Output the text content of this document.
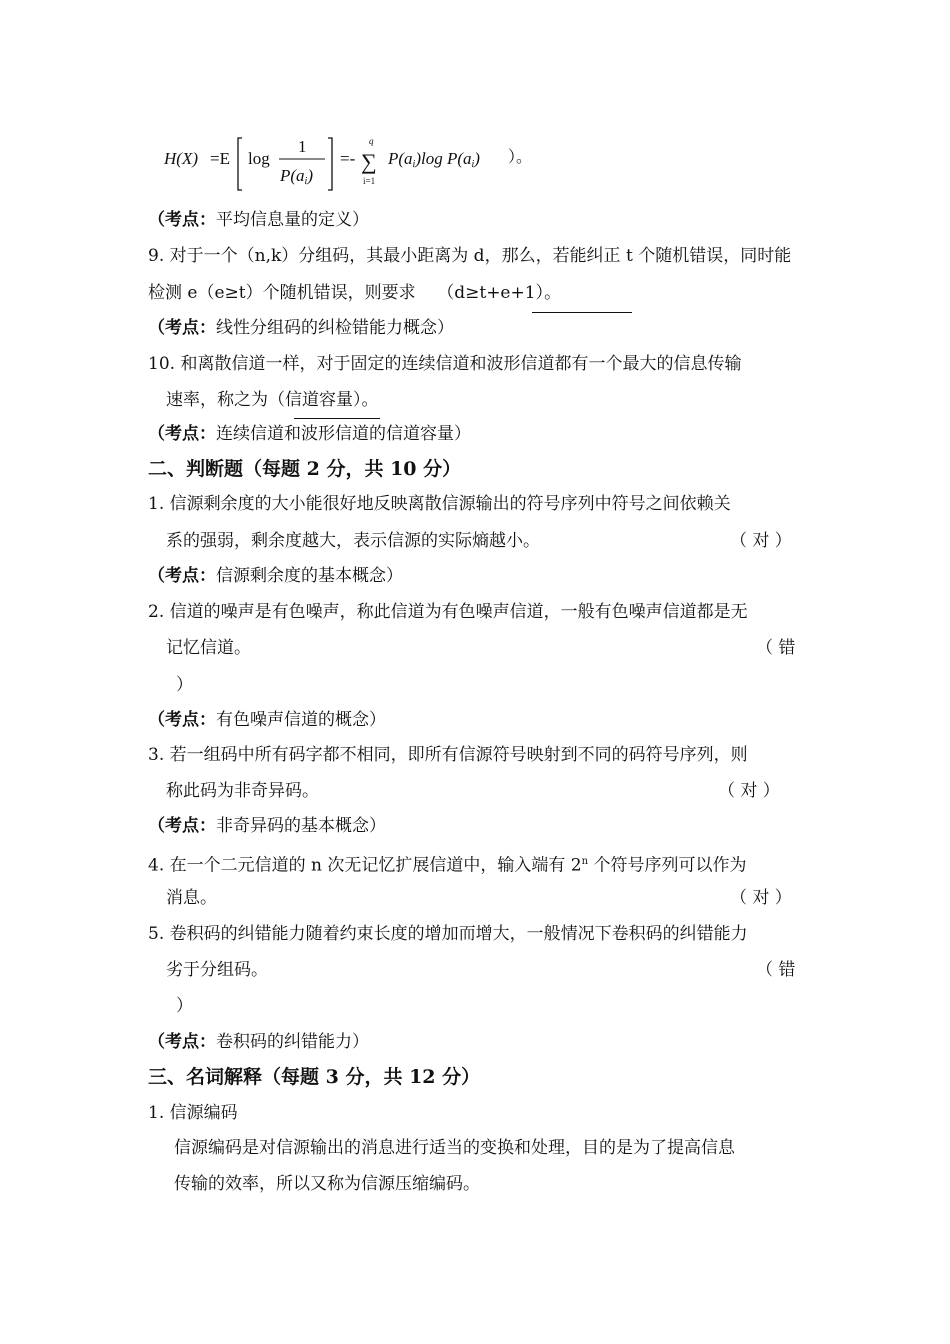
H(X) =E log
1
P(ai)
=-
q
∑
i=1
P(ai)log P(ai) ）。
（考点：平均信息量的定义）
9. 对于一个（n,k）分组码，其最小距离为 d，那么，若能纠正 t 个随机错误，同时能
检测 e（e≥t）个随机错误，则要求 （d≥t+e+1）。
（考点：线性分组码的纠检错能力概念）
10. 和离散信道一样，对于固定的连续信道和波形信道都有一个最大的信息传输
速率，称之为（信道容量）。
（考点：连续信道和波形信道的信道容量）
二、判断题（每题 2 分，共 10 分）
1. 信源剩余度的大小能很好地反映离散信源输出的符号序列中符号之间依赖关
系的强弱，剩余度越大，表示信源的实际熵越小。	（ 对 ）
（考点：信源剩余度的基本概念）
2. 信道的噪声是有色噪声，称此信道为有色噪声信道，一般有色噪声信道都是无
记忆信道。	（ 错
）
（考点：有色噪声信道的概念）
3. 若一组码中所有码字都不相同，即所有信源符号映射到不同的码符号序列，则
称此码为非奇异码。	（ 对 ）
（考点：非奇异码的基本概念）
4. 在一个二元信道的 n 次无记忆扩展信道中，输入端有 2$^n$ 个符号序列可以作为
消息。	（ 对 ）
5. 卷积码的纠错能力随着约束长度的增加而增大，一般情况下卷积码的纠错能力
劣于分组码。	（ 错
）
（考点：卷积码的纠错能力）
三、名词解释（每题 3 分，共 12 分）
1. 信源编码
信源编码是对信源输出的消息进行适当的变换和处理，目的是为了提高信息
传输的效率，所以又称为信源压缩编码。
